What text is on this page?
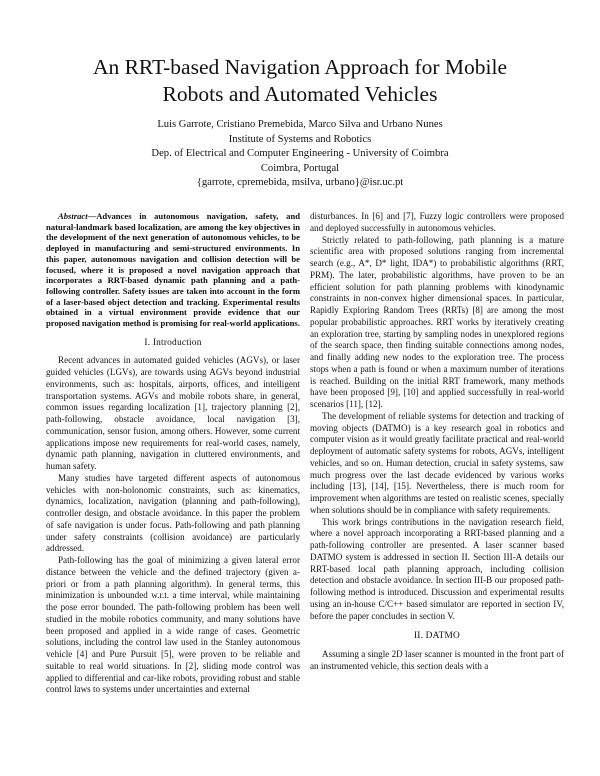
An RRT-based Navigation Approach for Mobile
Robots and Automated Vehicles
Luis Garrote, Cristiano Premebida, Marco Silva and Urbano Nunes
Institute of Systems and Robotics
Dep. of Electrical and Computer Engineering - University of Coimbra
Coimbra, Portugal
{garrote, cpremebida, msilva, urbano}@isr.uc.pt

Abstract—Advances in autonomous navigation, safety, and natural-landmark based localization, are among the key objectives in the development of the next generation of autonomous vehicles, to be deployed in manufacturing and semi-structured environments. In this paper, autonomous navigation and collision detection will be focused, where it is proposed a novel navigation approach that incorporates a RRT-based dynamic path planning and a path-following controller. Safety issues are taken into account in the form of a laser-based object detection and tracking. Experimental results obtained in a virtual environment provide evidence that our proposed navigation method is promising for real-world applications.

I. Introduction

Recent advances in automated guided vehicles (AGVs), or laser guided vehicles (LGVs), are towards using AGVs beyond industrial environments, such as: hospitals, airports, offices, and intelligent transportation systems. AGVs and mobile robots share, in general, common issues regarding localization [1], trajectory planning [2], path-following, obstacle avoidance, local navigation [3], communication, sensor fusion, among others. However, some current applications impose new requirements for real-world cases, namely, dynamic path planning, navigation in cluttered environments, and human safety.

Many studies have targeted different aspects of autonomous vehicles with non-holonomic constraints, such as: kinematics, dynamics, localization, navigation (planning and path-following), controller design, and obstacle avoidance. In this paper the problem of safe navigation is under focus. Path-following and path planning under safety constraints (collision avoidance) are particularly addressed.

Path-following has the goal of minimizing a given lateral error distance between the vehicle and the defined trajectory (given a-priori or from a path planning algorithm). In general terms, this minimization is unbounded w.r.t. a time interval, while maintaining the pose error bounded. The path-following problem has been well studied in the mobile robotics community, and many solutions have been proposed and applied in a wide range of cases. Geometric solutions, including the control law used in the Stanley autonomous vehicle [4] and Pure Pursuit [5], were proven to be reliable and suitable to real world situations. In [2], sliding mode control was applied to differential and car-like robots, providing robust and stable control laws to systems under uncertainties and external

disturbances. In [6] and [7], Fuzzy logic controllers were proposed and deployed successfully in autonomous vehicles.

Strictly related to path-following, path planning is a mature scientific area with proposed solutions ranging from incremental search (e.g., A*, D* light, IDA*) to probabilistic algorithms (RRT, PRM). The later, probabilistic algorithms, have proven to be an efficient solution for path planning problems with kinodynamic constraints in non-convex higher dimensional spaces. In particular, Rapidly Exploring Random Trees (RRTs) [8] are among the most popular probabilistic approaches. RRT works by iteratively creating an exploration tree, starting by sampling nodes in unexplored regions of the search space, then finding suitable connections among nodes, and finally adding new nodes to the exploration tree. The process stops when a path is found or when a maximum number of iterations is reached. Building on the initial RRT framework, many methods have been proposed [9], [10] and applied successfully in real-world scenarios [11], [12].

The development of reliable systems for detection and tracking of moving objects (DATMO) is a key research goal in robotics and computer vision as it would greatly facilitate practical and real-world deployment of automatic safety systems for robots, AGVs, intelligent vehicles, and so on. Human detection, crucial in safety systems, saw much progress over the last decade evidenced by various works including [13], [14], [15]. Nevertheless, there is much room for improvement when algorithms are tested on realistic scenes, specially when solutions should be in compliance with safety requirements.

This work brings contributions in the navigation research field, where a novel approach incorporating a RRT-based planning and a path-following controller are presented. A laser scanner based DATMO system is addressed in section II. Section III-A details our RRT-based local path planning approach, including collision detection and obstacle avoidance. In section III-B our proposed path-following method is introduced. Discussion and experimental results using an in-house C/C++ based simulator are reported in section IV, before the paper concludes in section V.

II. DATMO

Assuming a single 2D laser scanner is mounted in the front part of an instrumented vehicle, this section deals with a
